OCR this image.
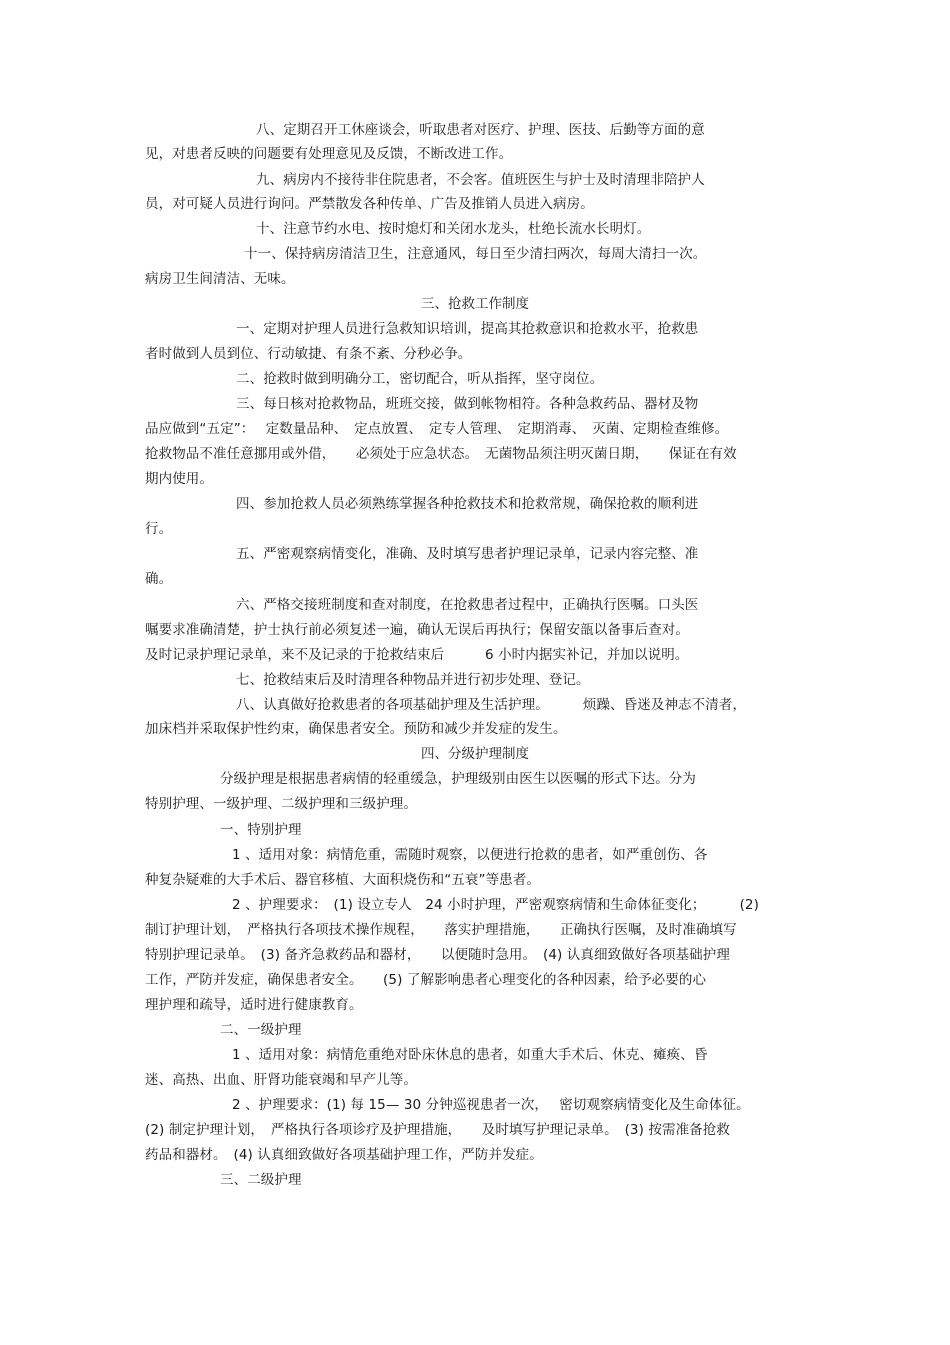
八、定期召开工休座谈会，听取患者对医疗、护理、医技、后勤等方面的意
见，对患者反映的问题要有处理意见及反馈，不断改进工作。
九、病房内不接待非住院患者，不会客。值班医生与护士及时清理非陪护人
员，对可疑人员进行询问。严禁散发各种传单、广告及推销人员进入病房。
十、注意节约水电、按时熄灯和关闭水龙头，杜绝长流水长明灯。
十一、保持病房清洁卫生，注意通风，每日至少清扫两次，每周大清扫一次。
病房卫生间清洁、无味。
三、抢救工作制度
一、定期对护理人员进行急救知识培训，提高其抢救意识和抢救水平，抢救患
者时做到人员到位、行动敏捷、有条不紊、分秒必争。
二、抢救时做到明确分工，密切配合，听从指挥，坚守岗位。
三、每日核对抢救物品，班班交接，做到帐物相符。各种急救药品、器材及物
品应做到“五定”：　 定数量品种、　定点放置、　定专人管理、　定期消毒、　灭菌、定期检查维修。
抢救物品不准任意挪用或外借，　　必须处于应急状态。　无菌物品须注明灭菌日期，　　保证在有效
期内使用。
四、参加抢救人员必须熟练掌握各种抢救技术和抢救常规，确保抢救的顺利进
行。
五、严密观察病情变化，准确、及时填写患者护理记录单，记录内容完整、准
确。
六、严格交接班制度和查对制度，在抢救患者过程中，正确执行医嘱。口头医
嘱要求准确清楚，护士执行前必须复述一遍，确认无误后再执行；保留安瓿以备事后查对。
及时记录护理记录单，来不及记录的于抢救结束后　　　6 小时内据实补记，并加以说明。
七、抢救结束后及时清理各种物品并进行初步处理、登记。
八、认真做好抢救患者的各项基础护理及生活护理。　　　烦躁、昏迷及神志不清者，
加床档并采取保护性约束，确保患者安全。预防和减少并发症的发生。
四、分级护理制度
分级护理是根据患者病情的轻重缓急，护理级别由医生以医嘱的形式下达。分为
特别护理、一级护理、二级护理和三级护理。
一、特别护理
1 、适用对象：病情危重，需随时观察，以便进行抢救的患者，如严重创伤、各
种复杂疑难的大手术后、器官移植、大面积烧伤和“五衰”等患者。
2 、护理要求：　(1) 设立专人　24 小时护理，严密观察病情和生命体征变化；　　　(2)
制订护理计划，　严格执行各项技术操作规程，　　落实护理措施，　　正确执行医嘱，及时准确填写
特别护理记录单。　(3) 备齐急救药品和器材，　　以便随时急用。　(4) 认真细致做好各项基础护理
工作，严防并发症，确保患者安全。　　(5) 了解影响患者心理变化的各种因素，给予必要的心
理护理和疏导，适时进行健康教育。
二、一级护理
1 、适用对象：病情危重绝对卧床休息的患者，如重大手术后、休克、瘫痪、昏
迷、高热、出血、肝肾功能衰竭和早产儿等。
2 、护理要求：(1) 每 15— 30 分钟巡视患者一次，　 密切观察病情变化及生命体征。
(2) 制定护理计划，　严格执行各项诊疗及护理措施，　　及时填写护理记录单。　(3) 按需准备抢救
药品和器材。　(4) 认真细致做好各项基础护理工作，严防并发症。
三、二级护理
